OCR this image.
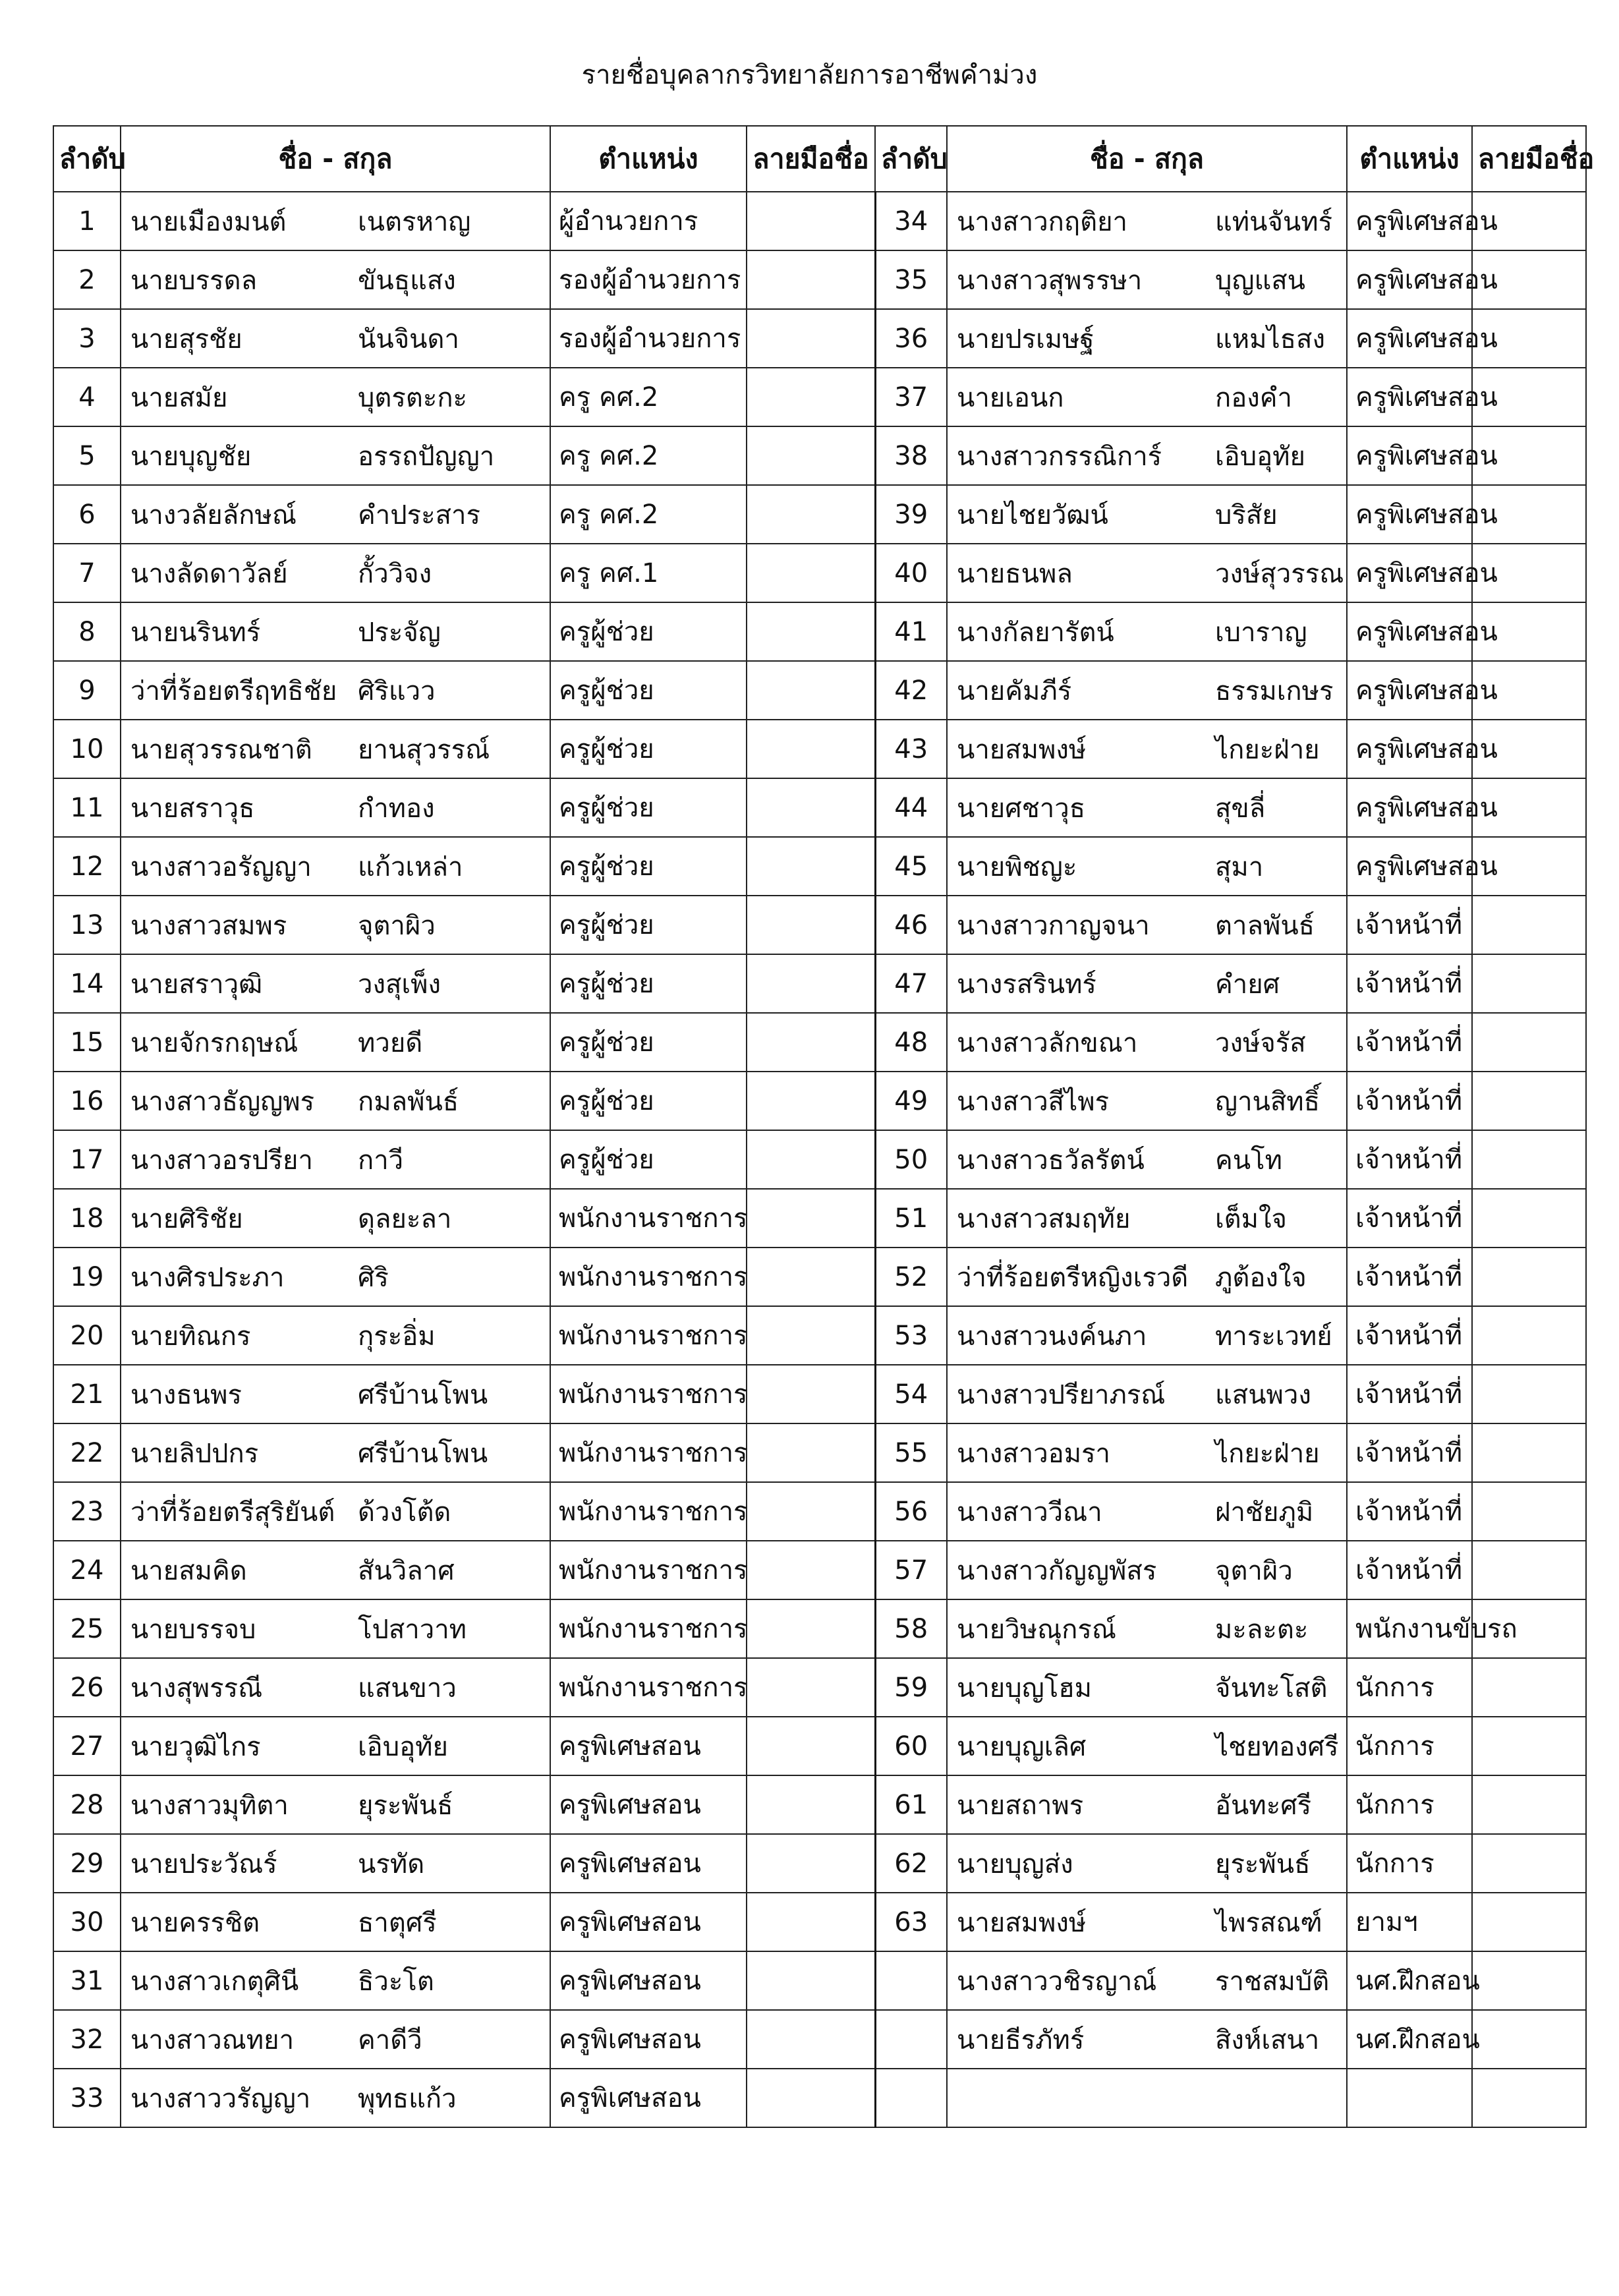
รายชื่อบุคลากรวิทยาลัยการอาชีพคำม่วง
ลำดับ	ชื่อ - สกุล	ตำแหน่ง	ลายมือชื่อ	ลำดับ	ชื่อ - สกุล	ตำแหน่ง	ลายมือชื่อ
1	นายเมืองมนต์ เนตรหาญ	ผู้อำนวยการ		34	นางสาวกฤติยา แท่นจันทร์	ครูพิเศษสอน	
2	นายบรรดล ขันธุแสง	รองผู้อำนวยการ		35	นางสาวสุพรรษา บุญแสน	ครูพิเศษสอน	
3	นายสุรชัย นันจินดา	รองผู้อำนวยการ		36	นายปรเมษฐ์ แหมไธสง	ครูพิเศษสอน	
4	นายสมัย บุตรตะกะ	ครู คศ.2		37	นายเอนก กองคำ	ครูพิเศษสอน	
5	นายบุญชัย อรรถปัญญา	ครู คศ.2		38	นางสาวกรรณิการ์ เอิบอุทัย	ครูพิเศษสอน	
6	นางวลัยลักษณ์ คำประสาร	ครู คศ.2		39	นายไชยวัฒน์ บริสัย	ครูพิเศษสอน	
7	นางลัดดาวัลย์ กั้ววิจง	ครู คศ.1		40	นายธนพล วงษ์สุวรรณ	ครูพิเศษสอน	
8	นายนรินทร์ ประจัญ	ครูผู้ช่วย		41	นางกัลยารัตน์ เบาราญ	ครูพิเศษสอน	
9	ว่าที่ร้อยตรีฤทธิชัย ศิริแวว	ครูผู้ช่วย		42	นายคัมภีร์ ธรรมเกษร	ครูพิเศษสอน	
10	นายสุวรรณชาติ ยานสุวรรณ์	ครูผู้ช่วย		43	นายสมพงษ์ ไกยะฝ่าย	ครูพิเศษสอน	
11	นายสราวุธ กำทอง	ครูผู้ช่วย		44	นายศชาวุธ สุขลี่	ครูพิเศษสอน	
12	นางสาวอรัญญา แก้วเหล่า	ครูผู้ช่วย		45	นายพิชญะ สุมา	ครูพิเศษสอน	
13	นางสาวสมพร จุตาผิว	ครูผู้ช่วย		46	นางสาวกาญจนา ตาลพันธ์	เจ้าหน้าที่	
14	นายสราวุฒิ วงสุเพ็ง	ครูผู้ช่วย		47	นางรสรินทร์ คำยศ	เจ้าหน้าที่	
15	นายจักรกฤษณ์ ทวยดี	ครูผู้ช่วย		48	นางสาวลักขณา วงษ์จรัส	เจ้าหน้าที่	
16	นางสาวธัญญพร กมลพันธ์	ครูผู้ช่วย		49	นางสาวสีไพร ญานสิทธิ์	เจ้าหน้าที่	
17	นางสาวอรปรียา กาวี	ครูผู้ช่วย		50	นางสาวธวัลรัตน์ คนโท	เจ้าหน้าที่	
18	นายศิริชัย ดุลยะลา	พนักงานราชการ		51	นางสาวสมฤทัย เต็มใจ	เจ้าหน้าที่	
19	นางศิรประภา ศิริ	พนักงานราชการ		52	ว่าที่ร้อยตรีหญิงเรวดี ภูต้องใจ	เจ้าหน้าที่	
20	นายทิณกร กุระอิ่ม	พนักงานราชการ		53	นางสาวนงค์นภา ทาระเวทย์	เจ้าหน้าที่	
21	นางธนพร ศรีบ้านโพน	พนักงานราชการ		54	นางสาวปรียาภรณ์ แสนพวง	เจ้าหน้าที่	
22	นายลิปปกร ศรีบ้านโพน	พนักงานราชการ		55	นางสาวอมรา ไกยะฝ่าย	เจ้าหน้าที่	
23	ว่าที่ร้อยตรีสุริยันต์ ด้วงโต้ด	พนักงานราชการ		56	นางสาววีณา ฝาชัยภูมิ	เจ้าหน้าที่	
24	นายสมคิด สันวิลาศ	พนักงานราชการ		57	นางสาวกัญญพัสร จุตาผิว	เจ้าหน้าที่	
25	นายบรรจบ โปสาวาท	พนักงานราชการ		58	นายวิษณุกรณ์ มะละตะ	พนักงานขับรถ	
26	นางสุพรรณี แสนขาว	พนักงานราชการ		59	นายบุญโฮม จันทะโสติ	นักการ	
27	นายวุฒิไกร เอิบอุทัย	ครูพิเศษสอน		60	นายบุญเลิศ ไชยทองศรี	นักการ	
28	นางสาวมุทิตา ยุระพันธ์	ครูพิเศษสอน		61	นายสถาพร อันทะศรี	นักการ	
29	นายประวัณร์ นรทัด	ครูพิเศษสอน		62	นายบุญส่ง ยุระพันธ์	นักการ	
30	นายครรชิต ธาตุศรี	ครูพิเศษสอน		63	นายสมพงษ์ ไพรสณฑ์	ยามฯ	
31	นางสาวเกตุศินี ธิวะโต	ครูพิเศษสอน			นางสาววชิรญาณ์ ราชสมบัติ	นศ.ฝึกสอน	
32	นางสาวณทยา คาดีวี	ครูพิเศษสอน			นายธีรภัทร์ สิงห์เสนา	นศ.ฝึกสอน	
33	นางสาววรัญญา พุทธแก้ว	ครูพิเศษสอน					
